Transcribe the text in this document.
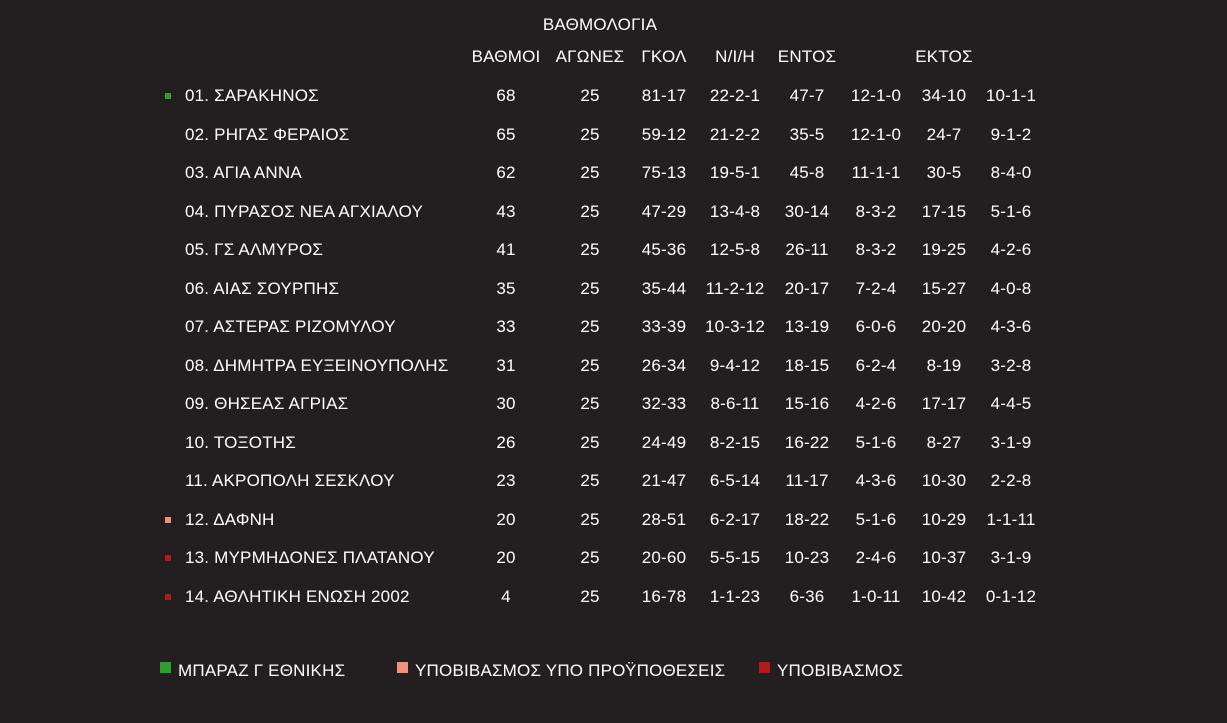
ΒΑΘΜΟΛΟΓΙΑ
ΒΑΘΜΟΙ ΑΓΩΝΕΣ ΓΚΟΛ	Ν/Ι/Η	ΕΝΤΟΣ	ΕΚΤΟΣ
01. ΣΑΡΑΚΗΝΟΣ	68	25	81-17	22-2-1	47-7	12-1-0	34-10	10-1-1
02. ΡΗΓΑΣ ΦΕΡΑΙΟΣ	65	25	59-12	21-2-2	35-5	12-1-0	24-7	9-1-2
03. ΑΓΙΑ ΑΝΝΑ	62	25	75-13	19-5-1	45-8	11-1-1	30-5	8-4-0
04. ΠΥΡΑΣΟΣ ΝΕΑ ΑΓΧΙΑΛΟΥ	43	25	47-29	13-4-8	30-14	8-3-2	17-15	5-1-6
05. ΓΣ ΑΛΜΥΡΟΣ	41	25	45-36	12-5-8	26-11	8-3-2	19-25	4-2-6
06. ΑΙΑΣ ΣΟΥΡΠΗΣ	35	25	35-44	11-2-12	20-17	7-2-4	15-27	4-0-8
07. ΑΣΤΕΡΑΣ ΡΙΖΟΜΥΛΟΥ	33	25	33-39	10-3-12	13-19	6-0-6	20-20	4-3-6
08. ΔΗΜΗΤΡΑ ΕΥΞΕΙΝΟΥΠΟΛΗΣ	31	25	26-34	9-4-12	18-15	6-2-4	8-19	3-2-8
09. ΘΗΣΕΑΣ ΑΓΡΙΑΣ	30	25	32-33	8-6-11	15-16	4-2-6	17-17	4-4-5
10. ΤΟΞΟΤΗΣ	26	25	24-49	8-2-15	16-22	5-1-6	8-27	3-1-9
11. ΑΚΡΟΠΟΛΗ ΣΕΣΚΛΟΥ	23	25	21-47	6-5-14	11-17	4-3-6	10-30	2-2-8
12. ΔΑΦΝΗ	20	25	28-51	6-2-17	18-22	5-1-6	10-29	1-1-11
13. ΜΥΡΜΗΔΟΝΕΣ ΠΛΑΤΑΝΟΥ	20	25	20-60	5-5-15	10-23	2-4-6	10-37	3-1-9
14. ΑΘΛΗΤΙΚΗ ΕΝΩΣΗ 2002	4	25	16-78	1-1-23	6-36	1-0-11	10-42	0-1-12
ΜΠΑΡΑΖ Γ ΕΘΝΙΚΗΣ	ΥΠΟΒΙΒΑΣΜΟΣ ΥΠΟ ΠΡΟΫΠΟΘΕΣΕΙΣ	ΥΠΟΒΙΒΑΣΜΟΣ
